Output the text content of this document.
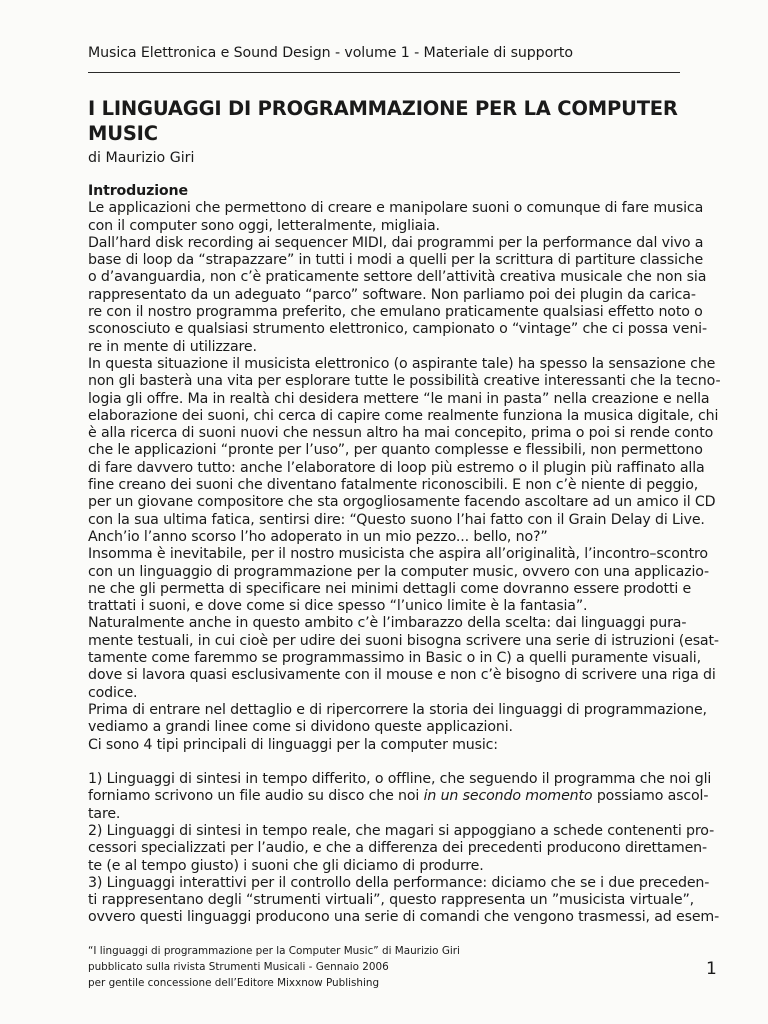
Musica Elettronica e Sound Design - volume 1 - Materiale di supporto
I LINGUAGGI DI PROGRAMMAZIONE PER LA COMPUTER MUSIC
di Maurizio Giri
Introduzione
Le applicazioni che permettono di creare e manipolare suoni o comunque di fare musica
con il computer sono oggi, letteralmente, migliaia.
Dall’hard disk recording ai sequencer MIDI, dai programmi per la performance dal vivo a
base di loop da “strapazzare” in tutti i modi a quelli per la scrittura di partiture classiche
o d’avanguardia, non c’è praticamente settore dell’attività creativa musicale che non sia
rappresentato da un adeguato “parco” software. Non parliamo poi dei plugin da carica-
re con il nostro programma preferito, che emulano praticamente qualsiasi effetto noto o
sconosciuto e qualsiasi strumento elettronico, campionato o “vintage” che ci possa veni-
re in mente di utilizzare.
In questa situazione il musicista elettronico (o aspirante tale) ha spesso la sensazione che
non gli basterà una vita per esplorare tutte le possibilità creative interessanti che la tecno-
logia gli offre. Ma in realtà chi desidera mettere “le mani in pasta” nella creazione e nella
elaborazione dei suoni, chi cerca di capire come realmente funziona la musica digitale, chi
è alla ricerca di suoni nuovi che nessun altro ha mai concepito, prima o poi si rende conto
che le applicazioni “pronte per l’uso”, per quanto complesse e flessibili, non permettono
di fare davvero tutto: anche l’elaboratore di loop più estremo o il plugin più raffinato alla
fine creano dei suoni che diventano fatalmente riconoscibili. E non c’è niente di peggio,
per un giovane compositore che sta orgogliosamente facendo ascoltare ad un amico il CD
con la sua ultima fatica, sentirsi dire: “Questo suono l’hai fatto con il Grain Delay di Live.
Anch’io l’anno scorso l’ho adoperato in un mio pezzo... bello, no?”
Insomma è inevitabile, per il nostro musicista che aspira all’originalità, l’incontro–scontro
con un linguaggio di programmazione per la computer music, ovvero con una applicazio-
ne che gli permetta di specificare nei minimi dettagli come dovranno essere prodotti e
trattati i suoni, e dove come si dice spesso “l’unico limite è la fantasia”.
Naturalmente anche in questo ambito c’è l’imbarazzo della scelta: dai linguaggi pura-
mente testuali, in cui cioè per udire dei suoni bisogna scrivere una serie di istruzioni (esat-
tamente come faremmo se programmassimo in Basic o in C) a quelli puramente visuali,
dove si lavora quasi esclusivamente con il mouse e non c’è bisogno di scrivere una riga di
codice.
Prima di entrare nel dettaglio e di ripercorrere la storia dei linguaggi di programmazione,
vediamo a grandi linee come si dividono queste applicazioni.
Ci sono 4 tipi principali di linguaggi per la computer music:
1) Linguaggi di sintesi in tempo differito, o offline, che seguendo il programma che noi gli
forniamo scrivono un file audio su disco che noi in un secondo momento possiamo ascol-
tare.
2) Linguaggi di sintesi in tempo reale, che magari si appoggiano a schede contenenti pro-
cessori specializzati per l’audio, e che a differenza dei precedenti producono direttamen-
te (e al tempo giusto) i suoni che gli diciamo di produrre.
3) Linguaggi interattivi per il controllo della performance: diciamo che se i due preceden-
ti rappresentano degli “strumenti virtuali”, questo rappresenta un ”musicista virtuale”,
ovvero questi linguaggi producono una serie di comandi che vengono trasmessi, ad esem-
“I linguaggi di programmazione per la Computer Music” di Maurizio Giri
pubblicato sulla rivista Strumenti Musicali - Gennaio 2006
per gentile concessione dell’Editore Mixxnow Publishing
1
